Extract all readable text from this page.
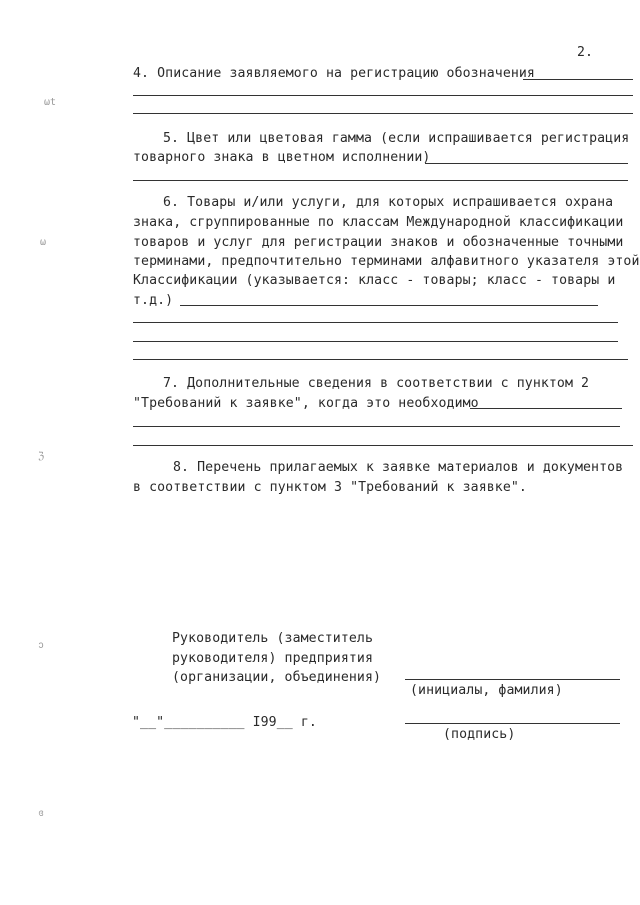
2.
4. Описание заявляемого на регистрацию обозначения
5. Цвет или цветовая гамма (если испрашивается регистрация
товарного знака в цветном исполнении)
6. Товары и/или услуги, для которых испрашивается охрана
знака, сгруппированные по классам Международной классификации
товаров и услуг для регистрации знаков и обозначенные точными
терминами, предпочтительно терминами алфавитного указателя этой
Классификации (указывается: класс - товары; класс - товары и
т.д.)
7. Дополнительные сведения в соответствии с пунктом 2
"Требований к заявке", когда это необходимо
8. Перечень прилагаемых к заявке материалов и документов
в соответствии с пунктом 3 "Требований к заявке".
Руководитель (заместитель
руководителя) предприятия
(организации, объединения)
(инициалы, фамилия)
"__"__________ I99__ г.
(подпись)
ωt
ω
ℨ
ↄ
ɞ
